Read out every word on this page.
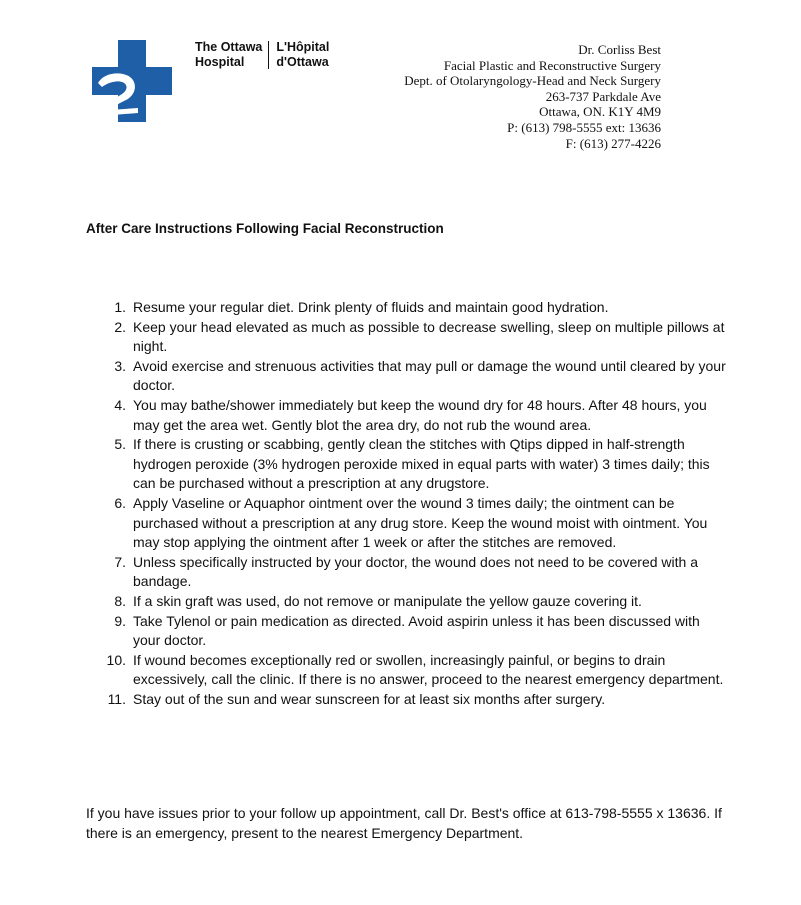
The Ottawa
Hospital
L'Hôpital
d'Ottawa
Dr. Corliss Best
Facial Plastic and Reconstructive Surgery
Dept. of Otolaryngology-Head and Neck Surgery
263-737 Parkdale Ave
Ottawa, ON. K1Y 4M9
P: (613) 798-5555 ext: 13636
F: (613) 277-4226
After Care Instructions Following Facial Reconstruction
1. Resume your regular diet. Drink plenty of fluids and maintain good hydration.
2. Keep your head elevated as much as possible to decrease swelling, sleep on multiple pillows at night.
3. Avoid exercise and strenuous activities that may pull or damage the wound until cleared by your doctor.
4. You may bathe/shower immediately but keep the wound dry for 48 hours. After 48 hours, you may get the area wet. Gently blot the area dry, do not rub the wound area.
5. If there is crusting or scabbing, gently clean the stitches with Qtips dipped in half-strength hydrogen peroxide (3% hydrogen peroxide mixed in equal parts with water) 3 times daily; this can be purchased without a prescription at any drugstore.
6. Apply Vaseline or Aquaphor ointment over the wound 3 times daily; the ointment can be purchased without a prescription at any drug store. Keep the wound moist with ointment. You may stop applying the ointment after 1 week or after the stitches are removed.
7. Unless specifically instructed by your doctor, the wound does not need to be covered with a bandage.
8. If a skin graft was used, do not remove or manipulate the yellow gauze covering it.
9. Take Tylenol or pain medication as directed. Avoid aspirin unless it has been discussed with your doctor.
10. If wound becomes exceptionally red or swollen, increasingly painful, or begins to drain excessively, call the clinic. If there is no answer, proceed to the nearest emergency department.
11. Stay out of the sun and wear sunscreen for at least six months after surgery.
If you have issues prior to your follow up appointment, call Dr. Best's office at 613-798-5555 x 13636. If there is an emergency, present to the nearest Emergency Department.
